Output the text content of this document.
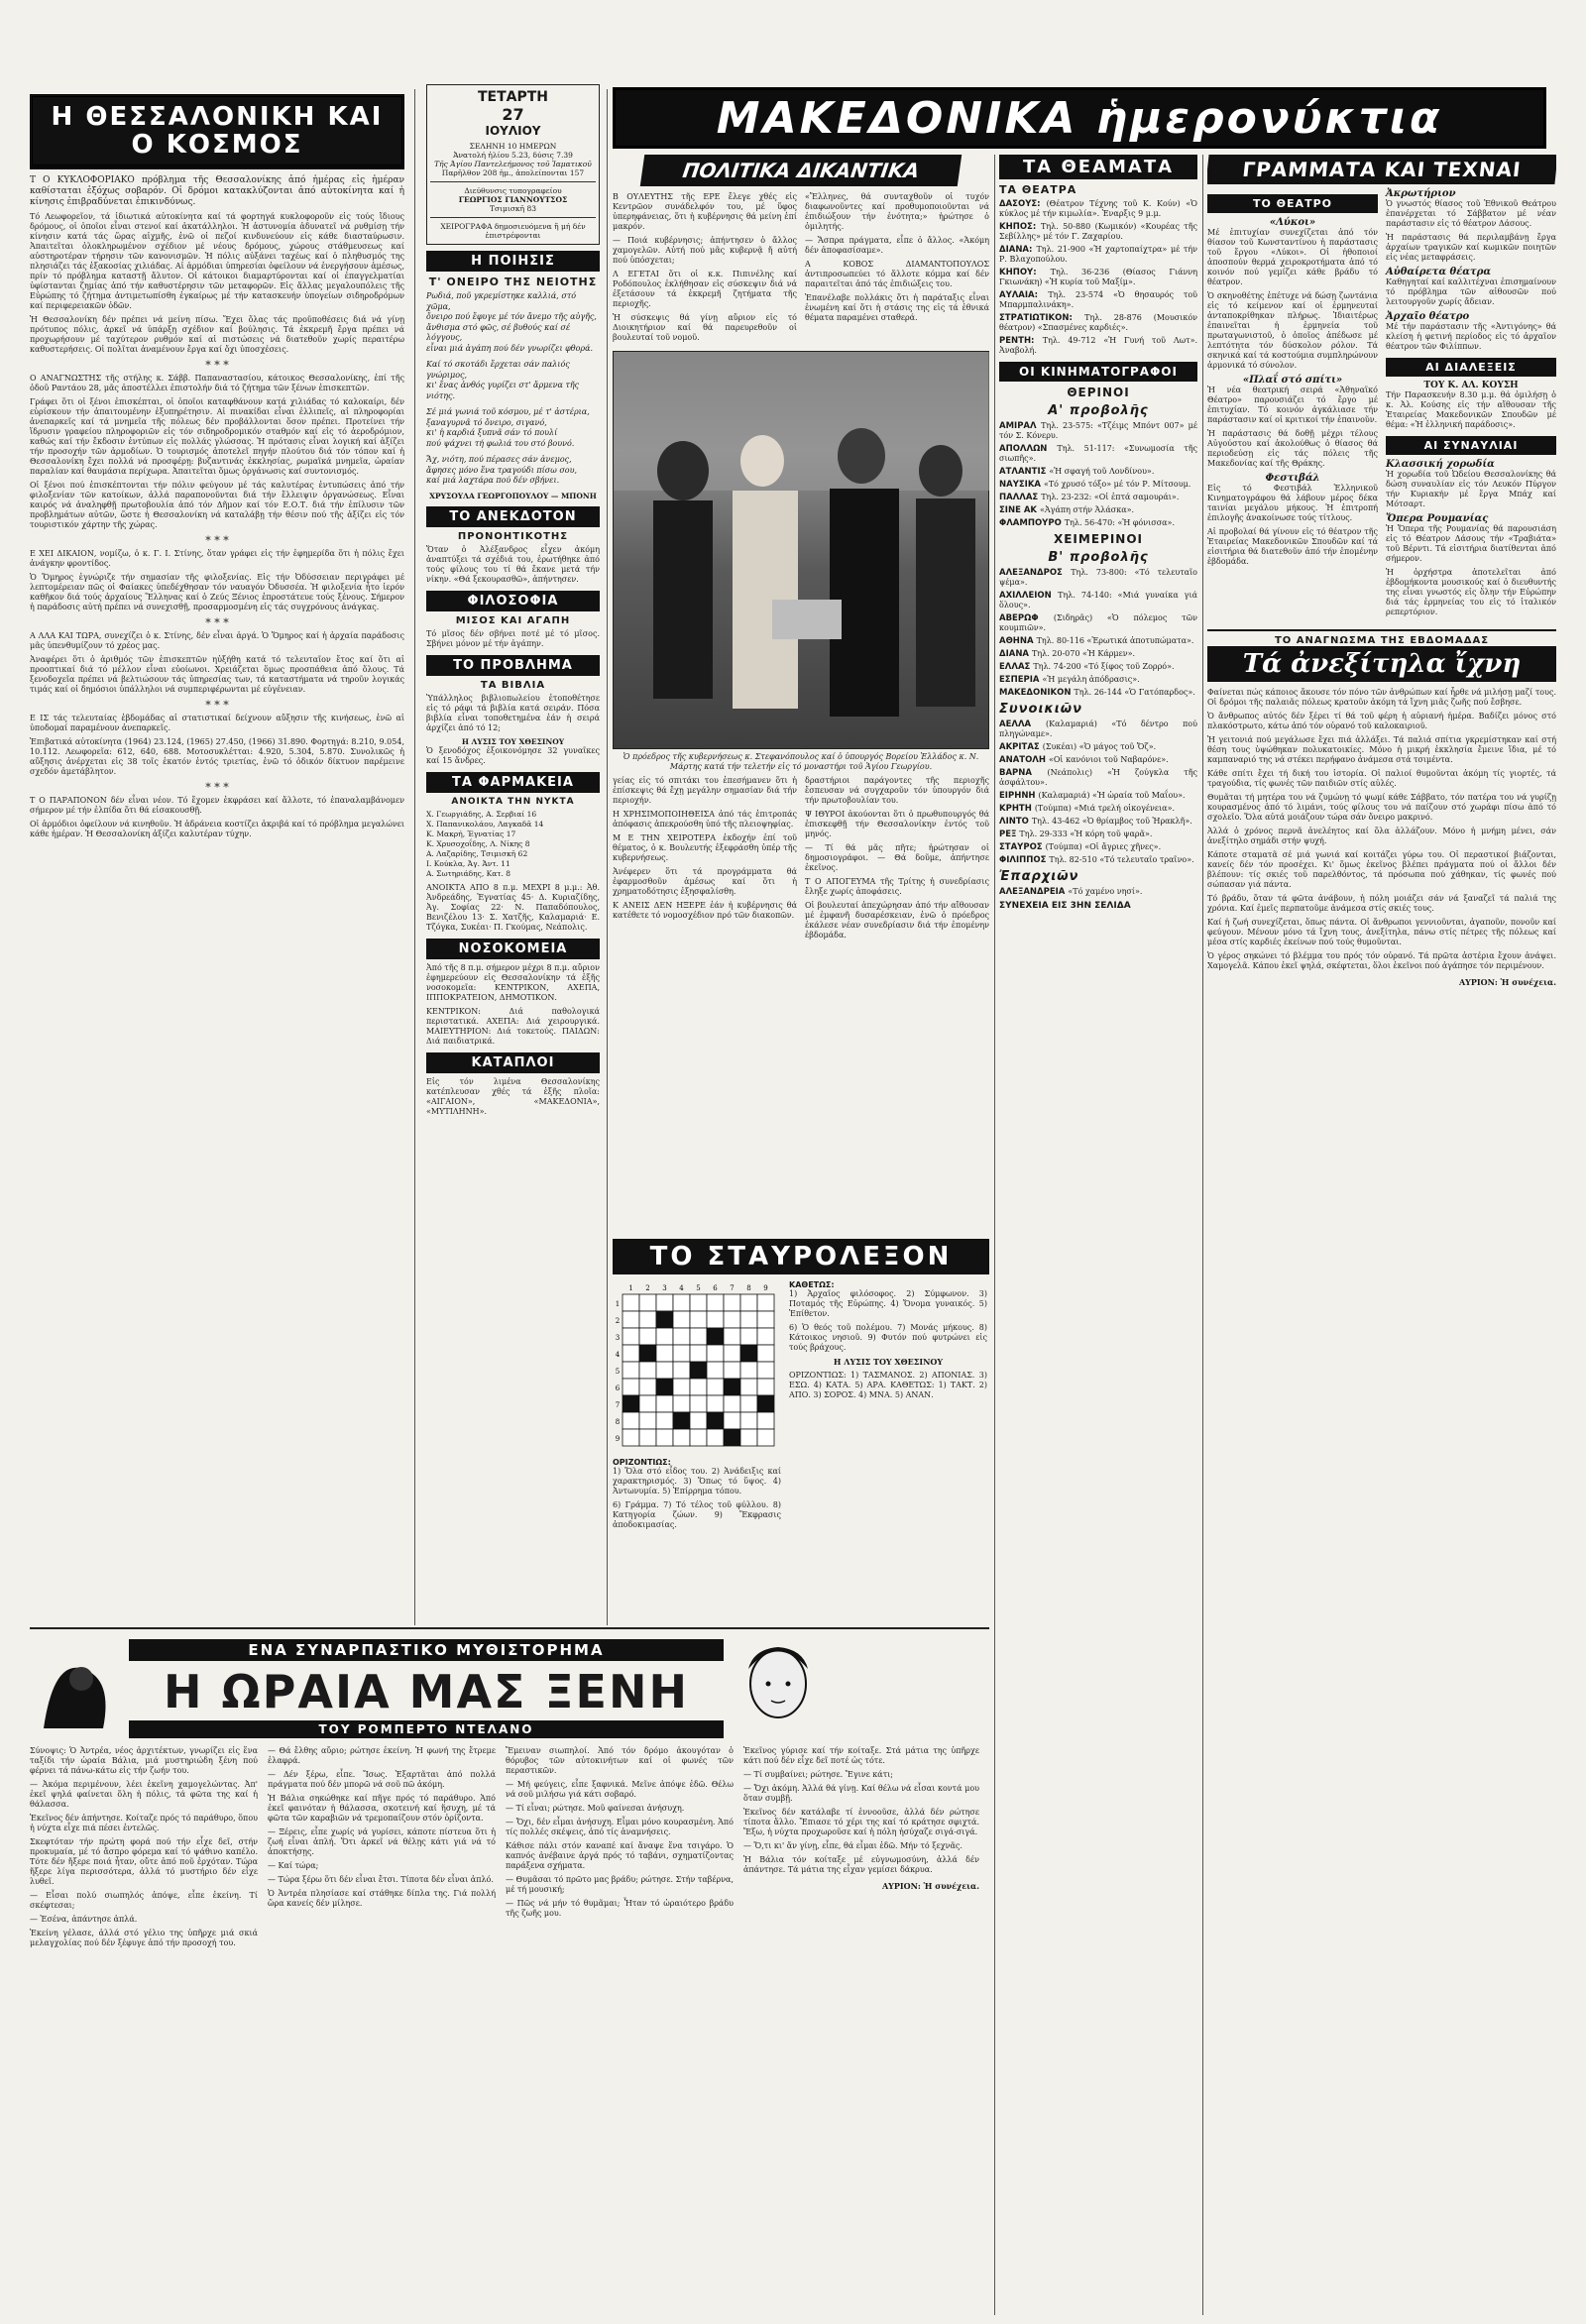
Η ΘΕΣΣΑΛΟΝΙΚΗ ΚΑΙ Ο ΚΟΣΜΟΣ

Τ Ο ΚΥΚΛΟΦΟΡΙΑΚΟ πρόβλημα τῆς Θεσσαλονίκης ἀπό ἡμέρας εἰς ἡμέραν καθίσταται ἐξόχως σοβαρόν. Οἱ δρόμοι κατακλύζονται ἀπό αὐτοκίνητα καί ἡ κίνησις ἐπιβραδύνεται ἐπικινδύνως.

Τό Λεωφορεῖον, τά ἰδιωτικά αὐτοκίνητα καί τά φορτηγά κυκλοφοροῦν εἰς τούς ἴδιους δρόμους, οἱ ὁποῖοι εἶναι στενοί καί ἀκατάλληλοι. Ἡ ἀστυνομία ἀδυνατεῖ νά ρυθμίσῃ τήν κίνησιν κατά τάς ὥρας αἰχμῆς, ἐνῶ οἱ πεζοί κινδυνεύουν εἰς κάθε διασταύρωσιν. Ἀπαιτεῖται ὁλοκληρωμένον σχέδιον μέ νέους δρόμους, χώρους στάθμευσεως καί αὐστηροτέραν τήρησιν τῶν κανονισμῶν. Ἡ πόλις αὐξάνει ταχέως καί ὁ πληθυσμός της πλησιάζει τάς ἑξακοσίας χιλιάδας. Αἱ ἀρμόδιαι ὑπηρεσίαι ὀφείλουν νά ἐνεργήσουν ἀμέσως, πρίν τό πρόβλημα καταστῇ ἄλυτον. Οἱ κάτοικοι διαμαρτύρονται καί οἱ ἐπαγγελματίαι ὑφίστανται ζημίας ἀπό τήν καθυστέρησιν τῶν μεταφορῶν. Εἰς ἄλλας μεγαλουπόλεις τῆς Εὐρώπης τό ζήτημα ἀντιμετωπίσθη ἐγκαίρως μέ τήν κατασκευήν ὑπογείων σιδηροδρόμων καί περιφερειακῶν ὁδῶν.

Ἡ Θεσσαλονίκη δέν πρέπει νά μείνη πίσω. Ἔχει ὅλας τάς προϋποθέσεις διά νά γίνῃ πρότυπος πόλις, ἀρκεῖ νά ὑπάρξῃ σχέδιον καί βούλησις. Τά ἐκκρεμῆ ἔργα πρέπει νά προχωρήσουν μέ ταχύτερον ρυθμόν καί αἱ πιστώσεις νά διατεθοῦν χωρίς περαιτέρω καθυστερήσεις. Οἱ πολῖται ἀναμένουν ἔργα καί ὄχι ὑποσχέσεις.

* * *

Ο ΑΝΑΓΝΩΣΤΗΣ τῆς στήλης κ. Σάββ. Παπαναστασίου, κάτοικος Θεσσαλονίκης, ἐπί τῆς ὁδοῦ Ραντάου 28, μᾶς ἀποστέλλει ἐπιστολήν διά τό ζήτημα τῶν ξένων ἐπισκεπτῶν.

Γράφει ὅτι οἱ ξένοι ἐπισκέπται, οἱ ὁποῖοι καταφθάνουν κατά χιλιάδας τό καλοκαίρι, δέν εὑρίσκουν τήν ἀπαιτουμένην ἐξυπηρέτησιν. Αἱ πινακίδαι εἶναι ἐλλιπεῖς, αἱ πληροφορίαι ἀνεπαρκεῖς καί τά μνημεῖα τῆς πόλεως δέν προβάλλονται ὅσον πρέπει. Προτείνει τήν ἵδρυσιν γραφείου πληροφοριῶν εἰς τόν σιδηροδρομικόν σταθμόν καί εἰς τό ἀεροδρόμιον, καθώς καί τήν ἔκδοσιν ἐντύπων εἰς πολλάς γλώσσας. Ἡ πρότασις εἶναι λογική καί ἀξίζει τήν προσοχήν τῶν ἀρμοδίων. Ὁ τουρισμός ἀποτελεῖ πηγήν πλούτου διά τόν τόπον καί ἡ Θεσσαλονίκη ἔχει πολλά νά προσφέρῃ: βυζαντινάς ἐκκλησίας, ρωμαϊκά μνημεῖα, ὡραίαν παραλίαν καί θαυμάσια περίχωρα. Ἀπαιτεῖται ὅμως ὀργάνωσις καί συντονισμός.

Οἱ ξένοι πού ἐπισκέπτονται τήν πόλιν φεύγουν μέ τάς καλυτέρας ἐντυπώσεις ἀπό τήν φιλοξενίαν τῶν κατοίκων, ἀλλά παραπονοῦνται διά τήν ἔλλειψιν ὀργανώσεως. Εἶναι καιρός νά ἀναληφθῇ πρωτοβουλία ἀπό τόν Δῆμον καί τόν Ε.Ο.Τ. διά τήν ἐπίλυσιν τῶν προβλημάτων αὐτῶν, ὥστε ἡ Θεσσαλονίκη νά καταλάβῃ τήν θέσιν πού τῆς ἀξίζει εἰς τόν τουριστικόν χάρτην τῆς χώρας.

* * *

Ε ΧΕΙ ΔΙΚΑΙΟΝ, νομίζω, ὁ κ. Γ. Ι. Στίνης, ὅταν γράφει εἰς τήν ἐφημερίδα ὅτι ἡ πόλις ἔχει ἀνάγκην φροντίδος.

Ὁ Ὅμηρος ἐγνώριζε τήν σημασίαν τῆς φιλοξενίας. Εἰς τήν Ὀδύσσειαν περιγράφει μέ λεπτομέρειαν πῶς οἱ Φαίακες ὑπεδέχθησαν τόν ναυαγόν Ὀδυσσέα. Ἡ φιλοξενία ἦτο ἱερόν καθῆκον διά τούς ἀρχαίους Ἕλληνας καί ὁ Ζεύς Ξένιος ἐπροστάτευε τούς ξένους. Σήμερον ἡ παράδοσις αὐτή πρέπει νά συνεχισθῇ, προσαρμοσμένη εἰς τάς συγχρόνους ἀνάγκας.

* * *

Α ΛΛΑ ΚΑΙ ΤΩΡΑ, συνεχίζει ὁ κ. Στίνης, δέν εἶναι ἀργά. Ὁ Ὅμηρος καί ἡ ἀρχαία παράδοσις μᾶς ὑπενθυμίζουν τό χρέος μας.

Ἀναφέρει ὅτι ὁ ἀριθμός τῶν ἐπισκεπτῶν ηὐξήθη κατά τό τελευταῖον ἔτος καί ὅτι αἱ προοπτικαί διά τό μέλλον εἶναι εὐοίωνοι. Χρειάζεται ὅμως προσπάθεια ἀπό ὅλους. Τά ξενοδοχεῖα πρέπει νά βελτιώσουν τάς ὑπηρεσίας των, τά καταστήματα νά τηροῦν λογικάς τιμάς καί οἱ δημόσιοι ὑπάλληλοι νά συμπεριφέρωνται μέ εὐγένειαν.

* * *

Ε ΙΣ τάς τελευταίας ἑβδομάδας αἱ στατιστικαί δείχνουν αὔξησιν τῆς κινήσεως, ἐνῶ αἱ ὑποδομαί παραμένουν ἀνεπαρκεῖς.

Ἐπιβατικά αὐτοκίνητα (1964) 23.124, (1965) 27.450, (1966) 31.890. Φορτηγά: 8.210, 9.054, 10.112. Λεωφορεῖα: 612, 640, 688. Μοτοσυκλέτται: 4.920, 5.304, 5.870. Συνολικῶς ἡ αὔξησις ἀνέρχεται εἰς 38 τοῖς ἑκατόν ἐντός τριετίας, ἐνῶ τό ὁδικόν δίκτυον παρέμεινε σχεδόν ἀμετάβλητον.

* * *

Τ Ο ΠΑΡΑΠΟΝΟΝ δέν εἶναι νέον. Τό ἔχομεν ἐκφράσει καί ἄλλοτε, τό ἐπαναλαμβάνομεν σήμερον μέ τήν ἐλπίδα ὅτι θά εἰσακουσθῇ.

Οἱ ἁρμόδιοι ὀφείλουν νά κινηθοῦν. Ἡ ἀδράνεια κοστίζει ἀκριβά καί τό πρόβλημα μεγαλώνει κάθε ἡμέραν. Ἡ Θεσσαλονίκη ἀξίζει καλυτέραν τύχην.

ΤΕΤΑΡΤΗ
27
ΙΟΥΛΙΟΥ
ΣΕΛΗΝΗ 10 ΗΜΕΡΩΝ
Ἀνατολή ἡλίου 5.23, δύσις 7.39
Τῆς Ἀγίου Παντελεήμονος τοῦ Ἰαματικοῦ
Παρῆλθον 208 ἡμ., ἀπολείπονται 157
Διεύθυνσις τυπογραφείου
ΓΕΩΡΓΙΟΣ ΓΙΑΝΝΟΥΤΣΟΣ
Τσιμισκῆ 83
ΧΕΙΡΟΓΡΑΦΑ δημοσιευόμενα ἤ μή δέν ἐπιστρέφονται
Η ΠΟΙΗΣΙΣ
Τ' ΟΝΕΙΡΟ ΤΗΣ ΝΕΙΟΤΗΣ
Ρωδιά, ποῦ γκρεμίστηκε καλλιά, στό χῶμα,
ὄνειρο πού ἔφυγε μέ τόν ἄνεμο τῆς αὐγῆς,
ἄνθισμα στό φῶς, σέ βυθούς καί σέ λόγγους,
εἶναι μιά ἀγάπη πού δέν γνωρίζει φθορά.
Καί τό σκοτάδι ἔρχεται σάν παλιός γνώριμος,
κι' ἔνας ἀνθός γυρίζει στ' ἄρμενα τῆς νιότης.
Σέ μιά γωνιά τοῦ κόσμου, μέ τ' ἀστέρια,
ξαναγυρνᾶ τό ὄνειρο, σιγανό,
κι' ἡ καρδιά ξυπνᾶ σάν τό πουλί
πού ψάχνει τή φωλιά του στό βουνό.
Ἄχ, νιότη, πού πέρασες σάν ἀνεμος,
ἄφησες μόνο ἕνα τραγούδι πίσω σου,
καί μιά λαχτάρα πού δέν σβήνει.
ΧΡΥΣΟΥΛΑ ΓΕΩΡΓΟΠΟΥΛΟΥ — ΜΠΟΝΗ
ΤΟ ΑΝΕΚΔΟΤΟΝ
ΠΡΟΝΟΗΤΙΚΟΤΗΣ

Ὅταν ὁ Ἀλέξανδρος εἶχεν ἀκόμη ἀναπτύξει τά σχέδιά του, ἐρωτήθηκε ἀπό τούς φίλους του τί θά ἔκανε μετά τήν νίκην. «Θά ξεκουρασθῶ», ἀπήντησεν.

ΦΙΛΟΣΟΦΙΑ
ΜΙΣΟΣ ΚΑΙ ΑΓΑΠΗ

Τό μῖσος δέν σβήνει ποτέ μέ τό μῖσος. Σβήνει μόνον μέ τήν ἀγάπην.

ΤΟ ΠΡΟΒΛΗΜΑ
ΤΑ ΒΙΒΛΙΑ

Ὑπάλληλος βιβλιοπωλείου ἐτοποθέτησε εἰς τό ράφι τά βιβλία κατά σειράν. Πόσα βιβλία εἶναι τοποθετημένα ἐάν ἡ σειρά ἀρχίζει ἀπό τό 12;

Η ΛΥΣΙΣ ΤΟΥ ΧΘΕΣΙΝΟΥ

Ὁ ξενοδόχος ἐξοικονόμησε 32 γυναῖκες καί 15 ἄνδρες.

ΤΑ ΦΑΡΜΑΚΕΙΑ
ΑΝΟΙΚΤΑ ΤΗΝ ΝΥΚΤΑ
Χ. Γεωργιάδης, Α. Σερβιαί 16
Χ. Παπανικολάου, Λαγκαδᾶ 14
Κ. Μακρή, Ἐγνατίας 17
Κ. Χρυσοχοΐδης, Λ. Νίκης 8
Α. Λαζαρίδης, Τσιμισκῆ 62
Ι. Κούκλα, Ἀγ. Ἀντ. 11
Α. Σωτηριάδης, Κατ. 8

ΑΝΟΙΚΤΑ ΑΠΟ 8 π.μ. ΜΕΧΡΙ 8 μ.μ.: Ἀθ. Ἀνδρεάδης, Ἐγνατίας 45· Δ. Κυριαζίδης, Ἀγ. Σοφίας 22· Ν. Παπαδόπουλος, Βενιζέλου 13· Σ. Χατζῆς, Καλαμαριά· Ε. Τζόγκα, Συκέαι· Π. Γκούμας, Νεάπολις.

ΝΟΣΟΚΟΜΕΙΑ

Ἀπό τῆς 8 π.μ. σήμερον μέχρι 8 π.μ. αὔριον ἐφημερεύουν εἰς Θεσσαλονίκην τά ἑξῆς νοσοκομεῖα: ΚΕΝΤΡΙΚΟΝ, ΑΧΕΠΑ, ΙΠΠΟΚΡΑΤΕΙΟΝ, ΔΗΜΟΤΙΚΟΝ.

ΚΕΝΤΡΙΚΟΝ: Διά παθολογικά περιστατικά. ΑΧΕΠΑ: Διά χειρουργικά. ΜΑΙΕΥΤΗΡΙΟΝ: Διά τοκετούς. ΠΑΙΔΩΝ: Διά παιδιατρικά.

ΚΑΤΑΠΛΟΙ

Εἰς τόν λιμένα Θεσσαλονίκης κατέπλευσαν χθές τά ἑξῆς πλοῖα: «ΑΙΓΑΙΟΝ», «ΜΑΚΕΔΟΝΙΑ», «ΜΥΤΙΛΗΝΗ».

ΜΑΚΕΔΟΝΙΚΑ ἡμερονύκτια
ΠΟΛΙΤΙΚΑ ΔΙΚΑΝΤΙΚΑ

Β ΟΥΛΕΥΤΗΣ τῆς ΕΡΕ ἔλεγε χθές εἰς Κεντρῶον συνάδελφόν του, μέ ὕφος ὑπερηφάνειας, ὅτι ἡ κυβέρνησις θά μείνη ἐπί μακρόν.

— Ποιά κυβέρνησις; ἀπήντησεν ὁ ἄλλος χαμογελῶν. Αὐτή πού μᾶς κυβερνᾷ ἤ αὐτή πού ὑπόσχεται;

Λ ΕΓΕΤΑΙ ὅτι οἱ κ.κ. Πιπινέλης καί Ροδόπουλος ἐκλήθησαν εἰς σύσκεψιν διά νά ἐξετάσουν τά ἐκκρεμῆ ζητήματα τῆς περιοχῆς.

Ἡ σύσκεψις θά γίνῃ αὔριον εἰς τό Διοικητήριον καί θά παρευρεθοῦν οἱ βουλευταί τοῦ νομοῦ.

«Ἔλληνες, θά συνταχθοῦν οἱ τυχόν διαφωνοῦντες καί προθυμοποιοῦνται νά ἐπιδιώξουν τήν ἐνότητα;» ἠρώτησε ὁ ὁμιλητής.

— Ἅσπρα πράγματα, εἶπε ὁ ἄλλος. «Ἀκόμη δέν ἀποφασίσαμε».

Α ΚΟΒΟΣ ΔΙΑΜΑΝΤΟΠΟΥΛΟΣ ἀντιπροσωπεύει τό ἄλλοτε κόμμα καί δέν παραιτεῖται ἀπό τάς ἐπιδιώξεις του.

Ἐπανέλαβε πολλάκις ὅτι ἡ παράταξις εἶναι ἑνωμένη καί ὅτι ἡ στάσις της εἰς τά ἐθνικά θέματα παραμένει σταθερά.

Ὁ πρόεδρος τῆς κυβερνήσεως κ. Στεφανόπουλος καί ὁ ὑπουργός Βορείου Ἑλλάδος κ. Ν. Μάρτης κατά τήν τελετήν εἰς τό μοναστήρι τοῦ Ἁγίου Γεωργίου.

γείας εἰς τό σπιτάκι του ἐπεσήμανεν ὅτι ἡ ἐπίσκεψις θά ἔχῃ μεγάλην σημασίαν διά τήν περιοχήν.

Η ΧΡΗΣΙΜΟΠΟΙΗΘΕΙΣΑ ἀπό τάς ἐπιτροπάς ἀπόφασις ἀπεκρούσθη ὑπό τῆς πλειοψηφίας.

Μ Ε ΤΗΝ ΧΕΙΡΟΤΕΡΑ ἐκδοχήν ἐπί τοῦ θέματος, ὁ κ. Βουλευτής ἐξεφράσθη ὑπέρ τῆς κυβερνήσεως.

Ἀνέφερεν ὅτι τά προγράμματα θά ἐφαρμοσθοῦν ἀμέσως καί ὅτι ἡ χρηματοδότησις ἐξησφαλίσθη.

Κ ΑΝΕΙΣ ΔΕΝ ΗΞΕΡΕ ἐάν ἡ κυβέρνησις θά κατέθετε τό νομοσχέδιον πρό τῶν διακοπῶν.

δραστήριοι παράγοντες τῆς περιοχῆς ἔσπευσαν νά συγχαροῦν τόν ὑπουργόν διά τήν πρωτοβουλίαν του.

Ψ ΙΘΥΡΟΙ ἀκούονται ὅτι ὁ πρωθυπουργός θά ἐπισκεφθῇ τήν Θεσσαλονίκην ἐντός τοῦ μηνός.

— Τί θά μᾶς πῆτε; ἠρώτησαν οἱ δημοσιογράφοι. — Θά δοῦμε, ἀπήντησε ἐκεῖνος.

Τ Ο ΑΠΟΓΕΥΜΑ τῆς Τρίτης ἡ συνεδρίασις ἔληξε χωρίς ἀποφάσεις.

Οἱ βουλευταί ἀπεχώρησαν ἀπό τήν αἴθουσαν μέ ἐμφανῆ δυσαρέσκειαν, ἐνῶ ὁ πρόεδρος ἐκάλεσε νέαν συνεδρίασιν διά τήν ἐπομένην ἑβδομάδα.

ΤΟ ΣΤΑΥΡΟΛΕΞΟΝ
1
1
2
2
3
3
4
4
5
5
6
6
7
7
8
8
9
9
ΟΡΙΖΟΝΤΙΩΣ:

1) Ὅλα στό εἶδος του. 2) Ἀνάδειξις καί χαρακτηρισμός. 3) Ὅπως τό ὕψος. 4) Ἀντωνυμία. 5) Ἐπίρρημα τόπου.

6) Γράμμα. 7) Τό τέλος τοῦ φύλλου. 8) Κατηγορία ζώων. 9) Ἔκφρασις ἀποδοκιμασίας.

ΚΑΘΕΤΩΣ:

1) Ἀρχαῖος φιλόσοφος. 2) Σύμφωνον. 3) Ποταμός τῆς Εὐρώπης. 4) Ὄνομα γυναικός. 5) Ἐπίθετον.

6) Ὁ θεός τοῦ πολέμου. 7) Μονάς μήκους. 8) Κάτοικος νησιοῦ. 9) Φυτόν πού φυτρώνει εἰς τούς βράχους.

Η ΛΥΣΙΣ ΤΟΥ ΧΘΕΣΙΝΟΥ

ΟΡΙΖΟΝΤΙΩΣ: 1) ΤΑΣΜΑΝΟΣ. 2) ΑΠΟΝΙΑΣ. 3) ΕΣΩ. 4) ΚΑΤΑ. 5) ΑΡΑ. ΚΑΘΕΤΩΣ: 1) ΤΑΚΤ. 2) ΑΠΟ. 3) ΣΟΡΟΣ. 4) ΜΝΑ. 5) ΑΝΑΝ.

ΕΝΑ ΣΥΝΑΡΠΑΣΤΙΚΟ ΜΥΘΙΣΤΟΡΗΜΑ
Η ΩΡΑΙΑ ΜΑΣ ΞΕΝΗ
ΤΟΥ ΡΟΜΠΕΡΤΟ ΝΤΕΛΑΝΟ

Σύνοψις: Ὁ Ἀντρέα, νέος ἀρχιτέκτων, γνωρίζει εἰς ἕνα ταξίδι τήν ὡραία Βάλια, μιά μυστηριώδη ξένη πού φέρνει τά πάνω-κάτω εἰς τήν ζωήν του.

— Ἀκόμα περιμένουν, λέει ἐκεῖνη χαμογελώντας. Ἀπ' ἐκεῖ ψηλά φαίνεται ὅλη ἡ πόλις, τά φῶτα της καί ἡ θάλασσα.

Ἐκεῖνος δέν ἀπήντησε. Κοίταζε πρός τό παράθυρο, ὅπου ἡ νύχτα εἶχε πιά πέσει ἐντελῶς.

Σκεφτόταν τήν πρώτη φορά πού τήν εἶχε δεῖ, στήν προκυμαία, μέ τό ἄσπρο φόρεμα καί τό ψάθινο καπέλο. Τότε δέν ἤξερε ποιά ἦταν, οὔτε ἀπό ποῦ ἐρχόταν. Τώρα ἤξερε λίγα περισσότερα, ἀλλά τό μυστήριο δέν εἶχε λυθεῖ.

— Εἶσαι πολύ σιωπηλός ἀπόψε, εἶπε ἐκείνη. Τί σκέφτεσαι;

— Ἐσένα, ἀπάντησε ἁπλά.

Ἐκείνη γέλασε, ἀλλά στό γέλιο της ὑπῆρχε μιά σκιά μελαγχολίας πού δέν ξέφυγε ἀπό τήν προσοχή του.

— Θά ἔλθης αὔριο; ρώτησε ἐκείνη. Ἡ φωνή της ἔτρεμε ἐλαφρά.

— Δέν ξέρω, εἶπε. Ἴσως. Ἐξαρτᾶται ἀπό πολλά πράγματα πού δέν μπορῶ νά σοῦ πῶ ἀκόμη.

Ἡ Βάλια σηκώθηκε καί πῆγε πρός τό παράθυρο. Ἀπό ἐκεῖ φαινόταν ἡ θάλασσα, σκοτεινή καί ἥσυχη, μέ τά φῶτα τῶν καραβιῶν νά τρεμοπαίζουν στόν ὁρίζοντα.

— Ξέρεις, εἶπε χωρίς νά γυρίσει, κάποτε πίστευα ὅτι ἡ ζωή εἶναι ἁπλή. Ὅτι ἀρκεῖ νά θέλῃς κάτι γιά νά τό ἀποκτήσῃς.

— Καί τώρα;

— Τώρα ξέρω ὅτι δέν εἶναι ἔτσι. Τίποτα δέν εἶναι ἁπλό.

Ὁ Ἀντρέα πλησίασε καί στάθηκε δίπλα της. Γιά πολλή ὥρα κανείς δέν μίλησε.

Ἔμειναν σιωπηλοί. Ἀπό τόν δρόμο ἀκουγόταν ὁ θόρυβος τῶν αὐτοκινήτων καί οἱ φωνές τῶν περαστικῶν.

— Μή φεύγεις, εἶπε ξαφνικά. Μεῖνε ἀπόψε ἐδῶ. Θέλω νά σοῦ μιλήσω γιά κάτι σοβαρό.

— Τί εἶναι; ρώτησε. Μοῦ φαίνεσαι ἀνήσυχη.

— Ὄχι, δέν εἶμαι ἀνήσυχη. Εἶμαι μόνο κουρασμένη. Ἀπό τίς πολλές σκέψεις, ἀπό τίς ἀναμνήσεις.

Κάθισε πάλι στόν καναπέ καί ἄναψε ἕνα τσιγάρο. Ὁ καπνός ἀνέβαινε ἀργά πρός τό ταβάνι, σχηματίζοντας παράξενα σχήματα.

— Θυμᾶσαι τό πρῶτο μας βράδυ; ρώτησε. Στήν ταβέρνα, μέ τή μουσική;

— Πῶς νά μήν τό θυμᾶμαι; Ἦταν τό ὡραιότερο βράδυ τῆς ζωῆς μου.

Ἐκεῖνος γύρισε καί τήν κοίταξε. Στά μάτια της ὑπῆρχε κάτι πού δέν εἶχε δεῖ ποτέ ὡς τότε.

— Τί συμβαίνει; ρώτησε. Ἔγινε κάτι;

— Ὄχι ἀκόμη. Ἀλλά θά γίνῃ. Καί θέλω νά εἶσαι κοντά μου ὅταν συμβῇ.

Ἐκεῖνος δέν κατάλαβε τί ἐννοοῦσε, ἀλλά δέν ρώτησε τίποτα ἄλλο. Ἔπιασε τό χέρι της καί τό κράτησε σφιχτά. Ἔξω, ἡ νύχτα προχωροῦσε καί ἡ πόλη ἡσύχαζε σιγά-σιγά.

— Ὅ,τι κι' ἄν γίνῃ, εἶπε, θά εἶμαι ἐδῶ. Μήν τό ξεχνᾶς.

Ἡ Βάλια τόν κοίταξε μέ εὐγνωμοσύνη, ἀλλά δέν ἀπάντησε. Τά μάτια της εἶχαν γεμίσει δάκρυα.

ΑΥΡΙΟΝ: Ἡ συνέχεια.
ΤΑ ΘΕΑΜΑΤΑ
ΤΑ ΘΕΑΤΡΑ

ΔΑΣΟΥΣ: (Θέατρον Τέχνης τοῦ Κ. Κούν) «Ὁ κύκλος μέ τήν κιμωλία». Ἐναρξις 9 μ.μ.

ΚΗΠΟΣ: Τηλ. 50-880 (Κωμικόν) «Κουρέας τῆς Σεβίλλης» μέ τόν Γ. Ζαχαρίου.

ΔΙΑΝΑ: Τηλ. 21-900 «Ἡ χαρτοπαίχτρα» μέ τήν Ρ. Βλαχοπούλου.

ΚΗΠΟΥ: Τηλ. 36-236 (Θίασος Γιάννη Γκιωνάκη) «Ἡ κυρία τοῦ Μαξίμ».

ΑΥΛΑΙΑ: Τηλ. 23-574 «Ὁ θησαυρός τοῦ Μπαρμπαλινάκη».

ΣΤΡΑΤΙΩΤΙΚΟΝ: Τηλ. 28-876 (Μουσικόν θέατρον) «Σπασμένες καρδιές».

ΡΕΝΤΗ: Τηλ. 49-712 «Ἡ Γυνή τοῦ Λωτ». Ἀναβολή.

ΟΙ ΚΙΝΗΜΑΤΟΓΡΑΦΟΙ
ΘΕΡΙΝΟΙ
Α' προβολῆς

ΑΜΙΡΑΛ Τηλ. 23-575: «Τζέιμς Μπόντ 007» μέ τόν Σ. Κόνερυ.

ΑΠΟΛΛΩΝ Τηλ. 51-117: «Συνωμοσία τῆς σιωπῆς».

ΑΤΛΑΝΤΙΣ «Ἡ σφαγή τοῦ Λονδίνου».

ΝΑΥΣΙΚΑ «Τό χρυσό τόξο» μέ τόν Ρ. Μίτσουμ.

ΠΑΛΛΑΣ Τηλ. 23-232: «Οἱ ἐπτά σαμουράι».

ΣΙΝΕ ΑΚ «Ἀγάπη στήν Ἀλάσκα».

ΦΛΑΜΠΟΥΡΟ Τηλ. 56-470: «Ἡ φόνισσα».

ΧΕΙΜΕΡΙΝΟΙ
Β' προβολῆς

ΑΛΕΞΑΝΔΡΟΣ Τηλ. 73-800: «Τό τελευταῖο ψέμα».

ΑΧΙΛΛΕΙΟΝ Τηλ. 74-140: «Μιά γυναίκα γιά ὅλους».

ΑΒΕΡΩΦ (Σιδηρᾶς) «Ὁ πόλεμος τῶν κουμπιῶν».

ΑΘΗΝΑ Τηλ. 80-116 «Ἐρωτικά ἀποτυπώματα».

ΔΙΑΝΑ Τηλ. 20-070 «Ἡ Κάρμεν».

ΕΛΛΑΣ Τηλ. 74-200 «Τό ξίφος τοῦ Ζορρό».

ΕΣΠΕΡΙΑ «Ἡ μεγάλη ἀπόδρασις».

ΜΑΚΕΔΟΝΙΚΟΝ Τηλ. 26-144 «Ὁ Γατόπαρδος».

Συνοικιῶν

ΑΕΛΛΑ (Καλαμαριά) «Τό δέντρο πού πληγώναμε».

ΑΚΡΙΤΑΣ (Συκέαι) «Ὁ μάγος τοῦ Ὄζ».

ΑΝΑΤΟΛΗ «Οἱ κανόνιοι τοῦ Ναβαρόνε».

ΒΑΡΝΑ (Νεάπολις) «Ἡ ζούγκλα τῆς ἀσφάλτου».

ΕΙΡΗΝΗ (Καλαμαριά) «Ἡ ὡραία τοῦ Μαΐου».

ΚΡΗΤΗ (Τούμπα) «Μιά τρελή οἰκογένεια».

ΛΙΝΤΟ Τηλ. 43-462 «Ὁ θρίαμβος τοῦ Ἡρακλῆ».

ΡΕΞ Τηλ. 29-333 «Ἡ κόρη τοῦ ψαρᾶ».

ΣΤΑΥΡΟΣ (Τούμπα) «Οἱ ἄγριες χῆνες».

ΦΙΛΙΠΠΟΣ Τηλ. 82-510 «Τό τελευταῖο τραῖνο».

Ἐπαρχιῶν

ΑΛΕΞΑΝΔΡΕΙΑ «Τό χαμένο νησί».

ΣΥΝΕΧΕΙΑ ΕΙΣ 3ΗΝ ΣΕΛΙΔΑ
ΓΡΑΜΜΑΤΑ ΚΑΙ ΤΕΧΝΑΙ
ΤΟ ΘΕΑΤΡΟ
«Λύκοι»

Μέ ἐπιτυχίαν συνεχίζεται ἀπό τόν θίασον τοῦ Κωνσταντίνου ἡ παράστασις τοῦ ἔργου «Λύκοι». Οἱ ἠθοποιοί ἀποσπούν θερμά χειροκροτήματα ἀπό τό κοινόν πού γεμίζει κάθε βράδυ τό θέατρον.

Ὁ σκηνοθέτης ἐπέτυχε νά δώσῃ ζωντάνια εἰς τό κείμενον καί οἱ ἑρμηνευταί ἀνταποκρίθηκαν πλήρως. Ἰδιαιτέρως ἐπαινεῖται ἡ ἑρμηνεία τοῦ πρωταγωνιστοῦ, ὁ ὁποῖος ἀπέδωσε μέ λεπτότητα τόν δύσκολον ρόλον. Τά σκηνικά καί τά κοστούμια συμπληρώνουν ἁρμονικά τό σύνολον.

«Πλαΐ στό σπίτι»

Ἡ νέα θεατρική σειρά «Ἀθηναϊκό Θέατρο» παρουσιάζει τό ἔργο μέ ἐπιτυχίαν. Τό κοινόν ἀγκάλιασε τήν παράστασιν καί οἱ κριτικοί τήν ἐπαινοῦν.

Ἡ παράστασις θά δοθῇ μέχρι τέλους Αὐγούστου καί ἀκολούθως ὁ θίασος θά περιοδεύσῃ εἰς τάς πόλεις τῆς Μακεδονίας καί τῆς Θράκης.

Φεστιβάλ

Εἰς τό Φεστιβάλ Ἑλληνικοῦ Κινηματογράφου θά λάβουν μέρος δέκα ταινίαι μεγάλου μήκους. Ἡ ἐπιτροπή ἐπιλογῆς ἀνακοίνωσε τούς τίτλους.

Αἱ προβολαί θά γίνουν εἰς τό θέατρον τῆς Ἑταιρείας Μακεδονικῶν Σπουδῶν καί τά εἰσιτήρια θά διατεθοῦν ἀπό τήν ἐπομένην ἑβδομάδα.

Ἀκρωτήριον

Ὁ γνωστός θίασος τοῦ Ἐθνικοῦ Θεάτρου ἐπανέρχεται τό Σάββατον μέ νέαν παράστασιν εἰς τό θέατρον Δάσους.

Ἡ παράστασις θά περιλαμβάνῃ ἔργα ἀρχαίων τραγικῶν καί κωμικῶν ποιητῶν εἰς νέας μεταφράσεις.

Αὐθαίρετα θέατρα

Καθηγηταί καί καλλιτέχναι ἐπισημαίνουν τό πρόβλημα τῶν αἰθουσῶν πού λειτουργοῦν χωρίς ἄδειαν.

Ἀρχαῖο θέατρο

Μέ τήν παράστασιν τῆς «Ἀντιγόνης» θά κλείση ἡ φετινή περίοδος εἰς τό ἀρχαῖον θέατρον τῶν Φιλίππων.

ΑΙ ΔΙΑΛΕΞΕΙΣ
ΤΟΥ Κ. ΑΛ. ΚΟΥΣΗ

Τήν Παρασκευήν 8.30 μ.μ. θά ὁμιλήσῃ ὁ κ. Ἀλ. Κούσης εἰς τήν αἴθουσαν τῆς Ἑταιρείας Μακεδονικῶν Σπουδῶν μέ θέμα: «Ἡ ἑλληνική παράδοσις».

ΑΙ ΣΥΝΑΥΛΙΑΙ
Κλασσική χορωδία

Ἡ χορωδία τοῦ Ὠδείου Θεσσαλονίκης θά δώση συναυλίαν εἰς τόν Λευκόν Πύργον τήν Κυριακήν μέ ἔργα Μπάχ καί Μότσαρτ.

Ὄπερα Ρουμανίας

Ἡ Ὄπερα τῆς Ρουμανίας θά παρουσιάση εἰς τό Θέατρον Δάσους τήν «Τραβιάτα» τοῦ Βέρντι. Τά εἰσιτήρια διατίθενται ἀπό σήμερον.

Ἡ ὀρχήστρα ἀποτελεῖται ἀπό ἑβδομήκοντα μουσικούς καί ὁ διευθυντής της εἶναι γνωστός εἰς ὅλην τήν Εὐρώπην διά τάς ἑρμηνείας του εἰς τό ἰταλικόν ρεπερτόριον.

ΤΟ ΑΝΑΓΝΩΣΜΑ ΤΗΣ ΕΒΔΟΜΑΔΑΣ
Τά ἀνεξίτηλα ἴχνη

Φαίνεται πώς κάποιος ἄκουσε τόν πόνο τῶν ἀνθρώπων καί ἦρθε νά μιλήσῃ μαζί τους. Οἱ δρόμοι τῆς παλαιᾶς πόλεως κρατοῦν ἀκόμη τά ἴχνη μιᾶς ζωῆς πού ἔσβησε.

Ὁ ἄνθρωπος αὐτός δέν ξέρει τί θά τοῦ φέρη ἡ αὐριανή ἡμέρα. Βαδίζει μόνος στό πλακόστρωτο, κάτω ἀπό τόν οὐρανό τοῦ καλοκαιριοῦ.

Ἡ γειτονιά πού μεγάλωσε ἔχει πιά ἀλλάξει. Τά παλιά σπίτια γκρεμίστηκαν καί στή θέση τους ὑψώθηκαν πολυκατοικίες. Μόνο ἡ μικρή ἐκκλησία ἔμεινε ἴδια, μέ τό καμπαναριό της νά στέκει περήφανο ἀνάμεσα στά τσιμέντα.

Κάθε σπίτι ἔχει τή δική του ἱστορία. Οἱ παλιοί θυμοῦνται ἀκόμη τίς γιορτές, τά τραγούδια, τίς φωνές τῶν παιδιῶν στίς αὐλές.

Θυμᾶται τή μητέρα του νά ζυμώνῃ τό ψωμί κάθε Σάββατο, τόν πατέρα του νά γυρίζῃ κουρασμένος ἀπό τό λιμάνι, τούς φίλους του νά παίζουν στό χωράφι πίσω ἀπό τό σχολεῖο. Ὅλα αὐτά μοιάζουν τώρα σάν ὄνειρο μακρινό.

Ἀλλά ὁ χρόνος περνᾶ ἀνελέητος καί ὅλα ἀλλάζουν. Μόνο ἡ μνήμη μένει, σάν ἀνεξίτηλο σημάδι στήν ψυχή.

Κάποτε σταματᾶ σέ μιά γωνιά καί κοιτάζει γύρω του. Οἱ περαστικοί βιάζονται, κανείς δέν τόν προσέχει. Κι' ὅμως ἐκεῖνος βλέπει πράγματα πού οἱ ἄλλοι δέν βλέπουν: τίς σκιές τοῦ παρελθόντος, τά πρόσωπα πού χάθηκαν, τίς φωνές πού σώπασαν γιά πάντα.

Τό βράδυ, ὅταν τά φῶτα ἀνάβουν, ἡ πόλη μοιάζει σάν νά ξαναζεῖ τά παλιά της χρόνια. Καί ἐμεῖς περπατοῦμε ἀνάμεσα στίς σκιές τους.

Καί ἡ ζωή συνεχίζεται, ὅπως πάντα. Οἱ ἄνθρωποι γεννιοῦνται, ἀγαποῦν, πονοῦν καί φεύγουν. Μένουν μόνο τά ἴχνη τους, ἀνεξίτηλα, πάνω στίς πέτρες τῆς πόλεως καί μέσα στίς καρδιές ἐκείνων πού τούς θυμοῦνται.

Ὁ γέρος σηκώνει τό βλέμμα του πρός τόν οὐρανό. Τά πρῶτα ἀστέρια ἔχουν ἀνάψει. Χαμογελᾶ. Κάπου ἐκεῖ ψηλά, σκέφτεται, ὅλοι ἐκεῖνοι πού ἀγάπησε τόν περιμένουν.

ΑΥΡΙΟΝ: Ἡ συνέχεια.
